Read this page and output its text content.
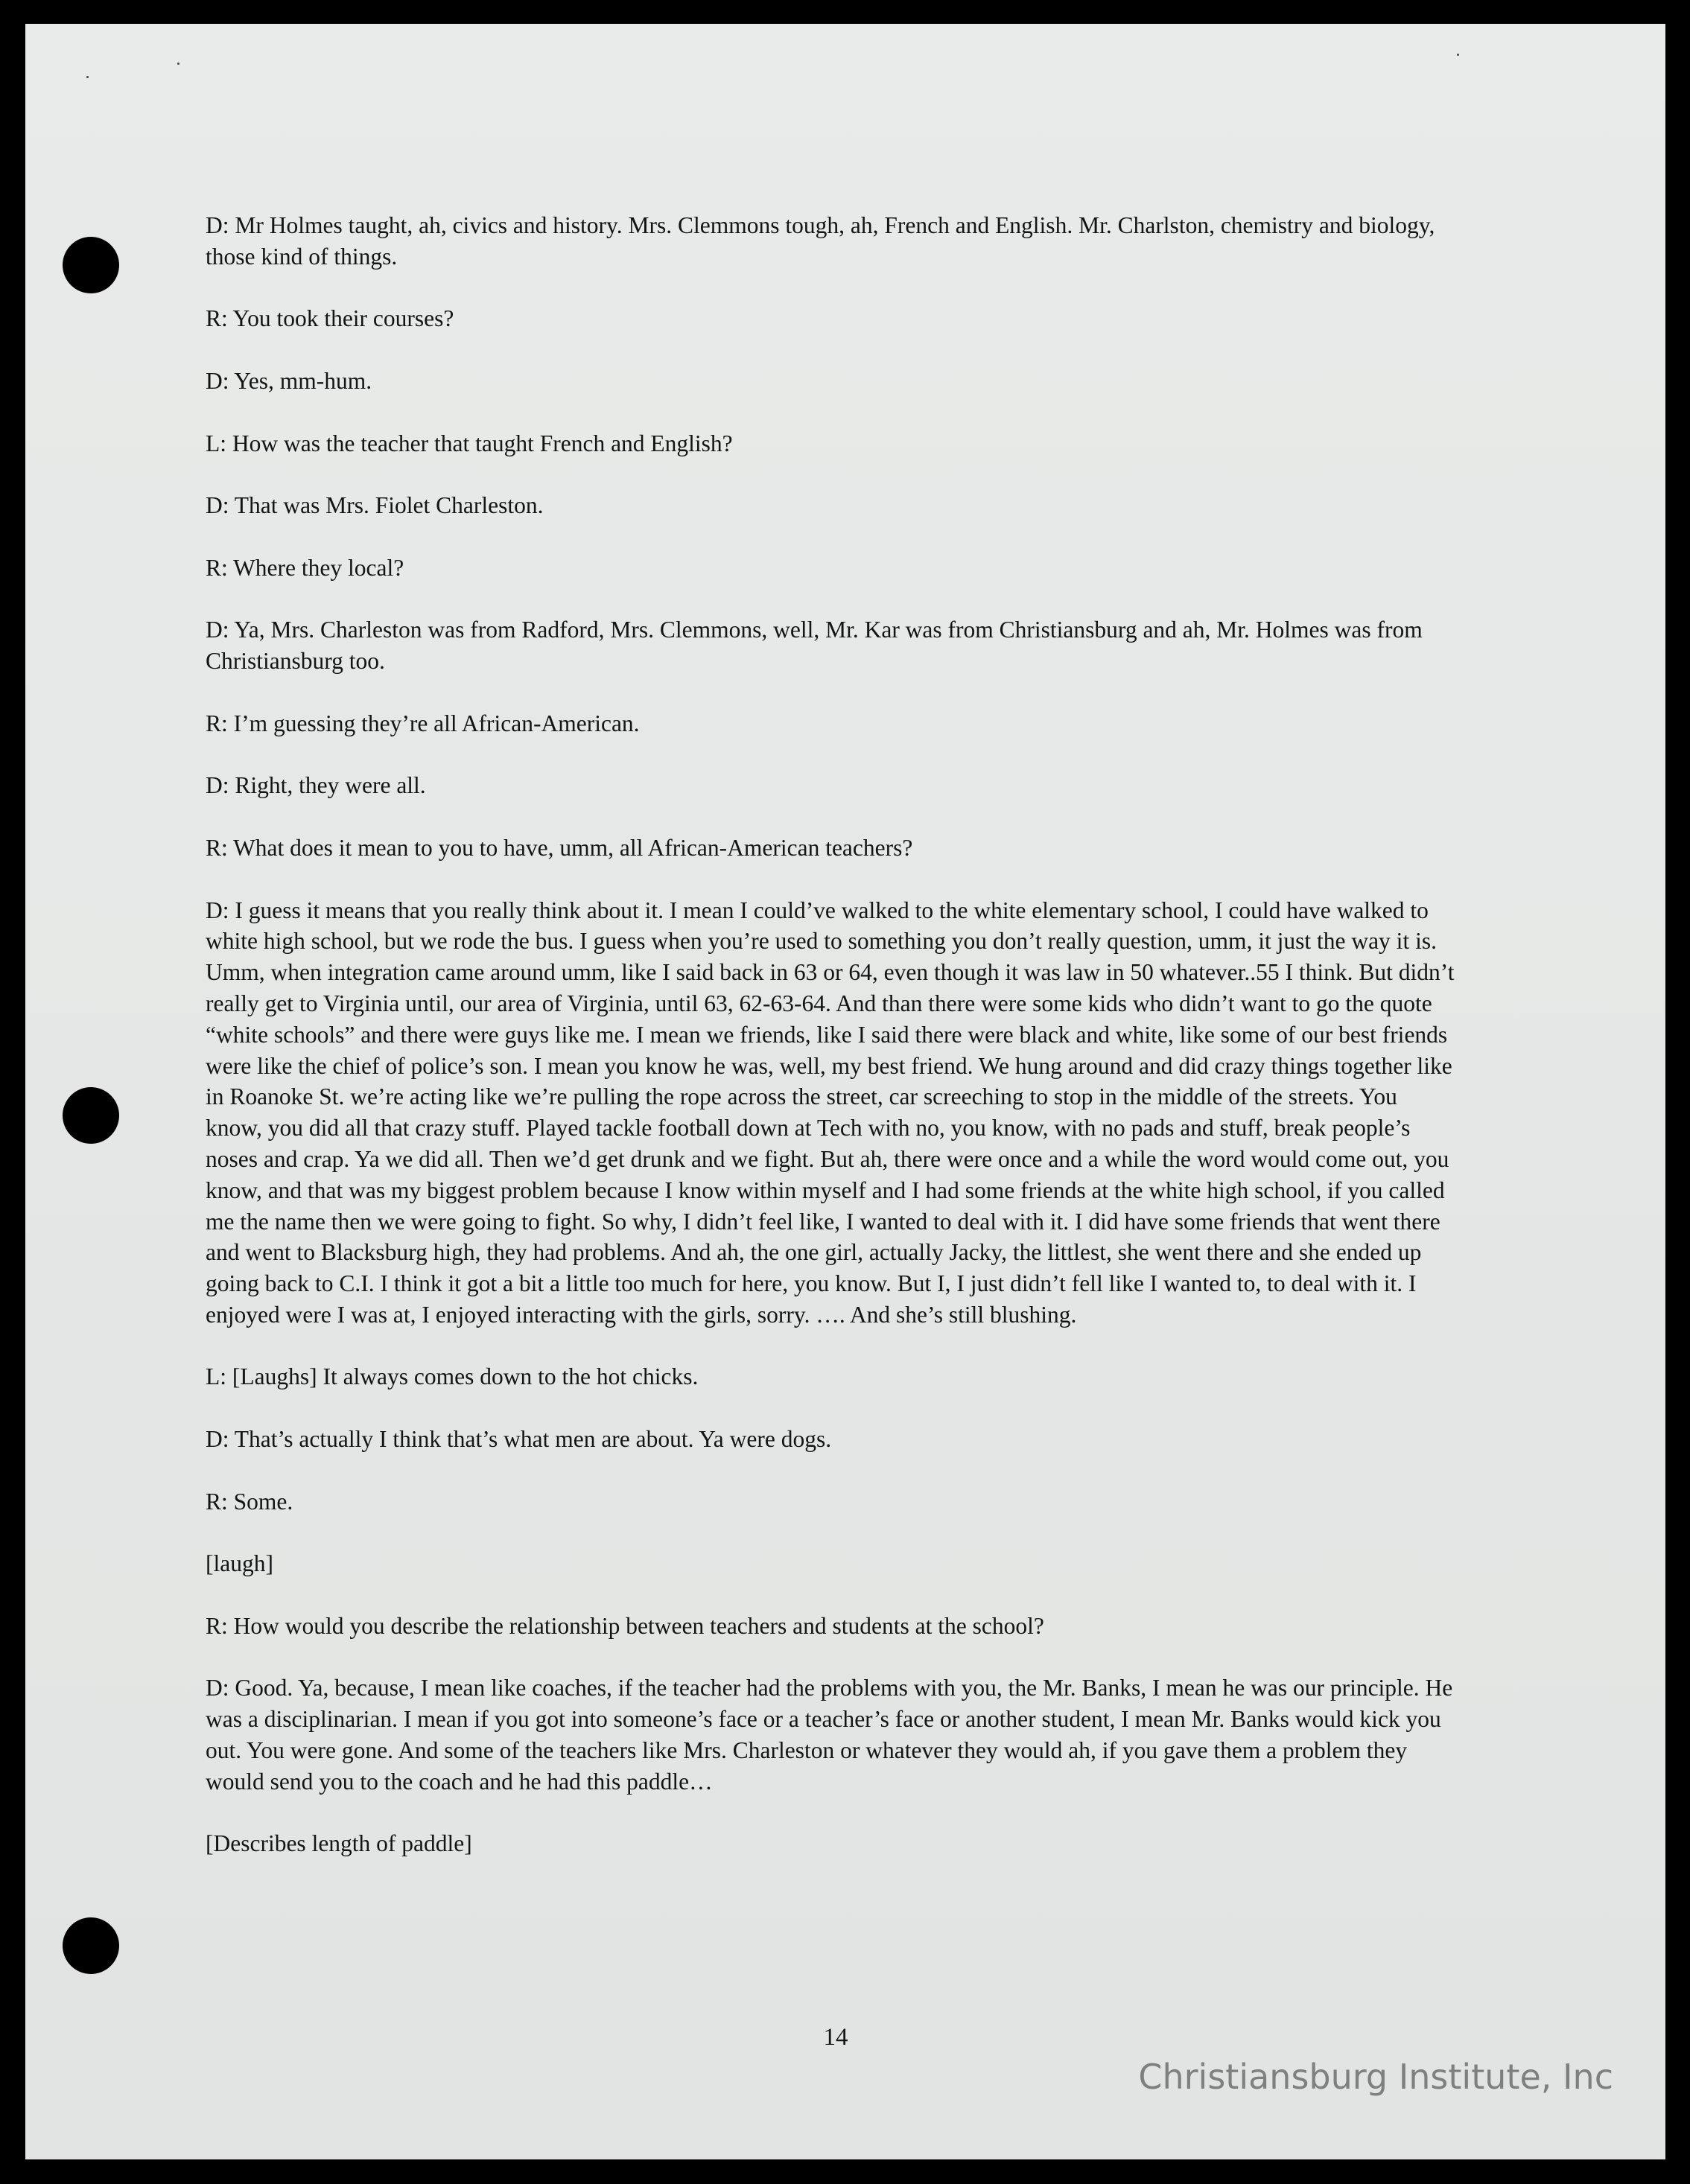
D: Mr Holmes taught, ah, civics and history. Mrs. Clemmons tough, ah, French and English. Mr. Charlston, chemistry and biology, those kind of things.

R: You took their courses?

D: Yes, mm-hum.

L: How was the teacher that taught French and English?

D: That was Mrs. Fiolet Charleston.

R: Where they local?

D: Ya, Mrs. Charleston was from Radford, Mrs. Clemmons, well, Mr. Kar was from Christiansburg and ah, Mr. Holmes was from Christiansburg too.

R: I’m guessing they’re all African-American.

D: Right, they were all.

R: What does it mean to you to have, umm, all African-American teachers?

D: I guess it means that you really think about it. I mean I could’ve walked to the white elementary school, I could have walked to white high school, but we rode the bus. I guess when you’re used to something you don’t really question, umm, it just the way it is. Umm, when integration came around umm, like I said back in 63 or 64, even though it was law in 50 whatever..55 I think. But didn’t really get to Virginia until, our area of Virginia, until 63, 62-63-64. And than there were some kids who didn’t want to go the quote “white schools” and there were guys like me. I mean we friends, like I said there were black and white, like some of our best friends were like the chief of police’s son. I mean you know he was, well, my best friend. We hung around and did crazy things together like in Roanoke St. we’re acting like we’re pulling the rope across the street, car screeching to stop in the middle of the streets. You know, you did all that crazy stuff. Played tackle football down at Tech with no, you know, with no pads and stuff, break people’s noses and crap. Ya we did all. Then we’d get drunk and we fight. But ah, there were once and a while the word would come out, you know, and that was my biggest problem because I know within myself and I had some friends at the white high school, if you called me the name then we were going to fight. So why, I didn’t feel like, I wanted to deal with it. I did have some friends that went there and went to Blacksburg high, they had problems. And ah, the one girl, actually Jacky, the littlest, she went there and she ended up going back to C.I. I think it got a bit a little too much for here, you know. But I, I just didn’t fell like I wanted to, to deal with it. I enjoyed were I was at, I enjoyed interacting with the girls, sorry. …. And she’s still blushing.

L: [Laughs] It always comes down to the hot chicks.

D: That’s actually I think that’s what men are about. Ya were dogs.

R: Some.

[laugh]

R: How would you describe the relationship between teachers and students at the school?

D: Good. Ya, because, I mean like coaches, if the teacher had the problems with you, the Mr. Banks, I mean he was our principle. He was a disciplinarian. I mean if you got into someone’s face or a teacher’s face or another student, I mean Mr. Banks would kick you out. You were gone. And some of the teachers like Mrs. Charleston or whatever they would ah, if you gave them a problem they would send you to the coach and he had this paddle…

[Describes length of paddle]

14
Christiansburg Institute, Inc
